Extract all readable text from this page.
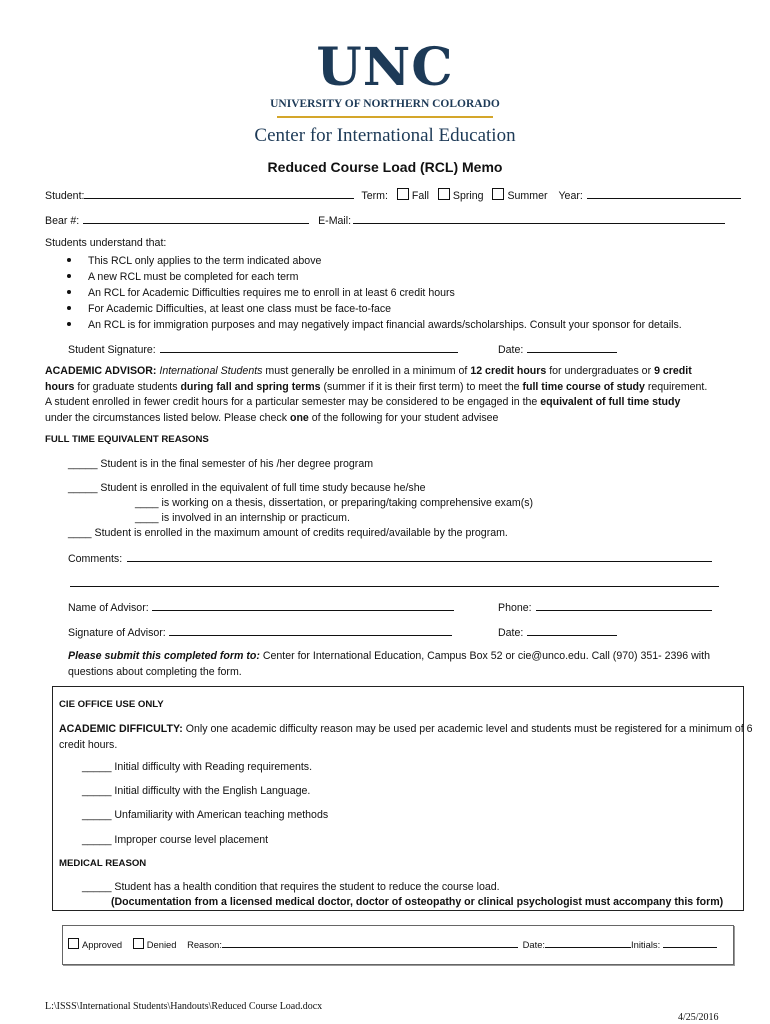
UNC
UNIVERSITY OF NORTHERN COLORADO
Center for International Education
Reduced Course Load (RCL) Memo
Student:	Term: Fall Spring Summer Year:
Bear #:	E-Mail:
Students understand that:
This RCL only applies to the term indicated above
A new RCL must be completed for each term
An RCL for Academic Difficulties requires me to enroll in at least 6 credit hours
For Academic Difficulties, at least one class must be face-to-face
An RCL is for immigration purposes and may negatively impact financial awards/scholarships. Consult your sponsor for details.
Student Signature:	Date:
ACADEMIC ADVISOR: International Students must generally be enrolled in a minimum of 12 credit hours for undergraduates or 9 credit
hours for graduate students during fall and spring terms (summer if it is their first term) to meet the full time course of study requirement.
A student enrolled in fewer credit hours for a particular semester may be considered to be engaged in the equivalent of full time study
under the circumstances listed below. Please check one of the following for your student advisee
FULL TIME EQUIVALENT REASONS
_____ Student is in the final semester of his /her degree program
_____ Student is enrolled in the equivalent of full time study because he/she
____ is working on a thesis, dissertation, or preparing/taking comprehensive exam(s)
____ is involved in an internship or practicum.
____ Student is enrolled in the maximum amount of credits required/available by the program.
Comments:
Name of Advisor:	Phone:
Signature of Advisor:	Date:
Please submit this completed form to: Center for International Education, Campus Box 52 or cie@unco.edu. Call (970) 351- 2396 with
questions about completing the form.
CIE OFFICE USE ONLY
ACADEMIC DIFFICULTY: Only one academic difficulty reason may be used per academic level and students must be registered for a minimum of 6
credit hours.
_____ Initial difficulty with Reading requirements.
_____ Initial difficulty with the English Language.
_____ Unfamiliarity with American teaching methods
_____ Improper course level placement
MEDICAL REASON
_____ Student has a health condition that requires the student to reduce the course load.
(Documentation from a licensed medical doctor, doctor of osteopathy or clinical psychologist must accompany this form)
Approved	Denied Reason:	Date:	Initials:
L:\ISSS\International Students\Handouts\Reduced Course Load.docx
4/25/2016
